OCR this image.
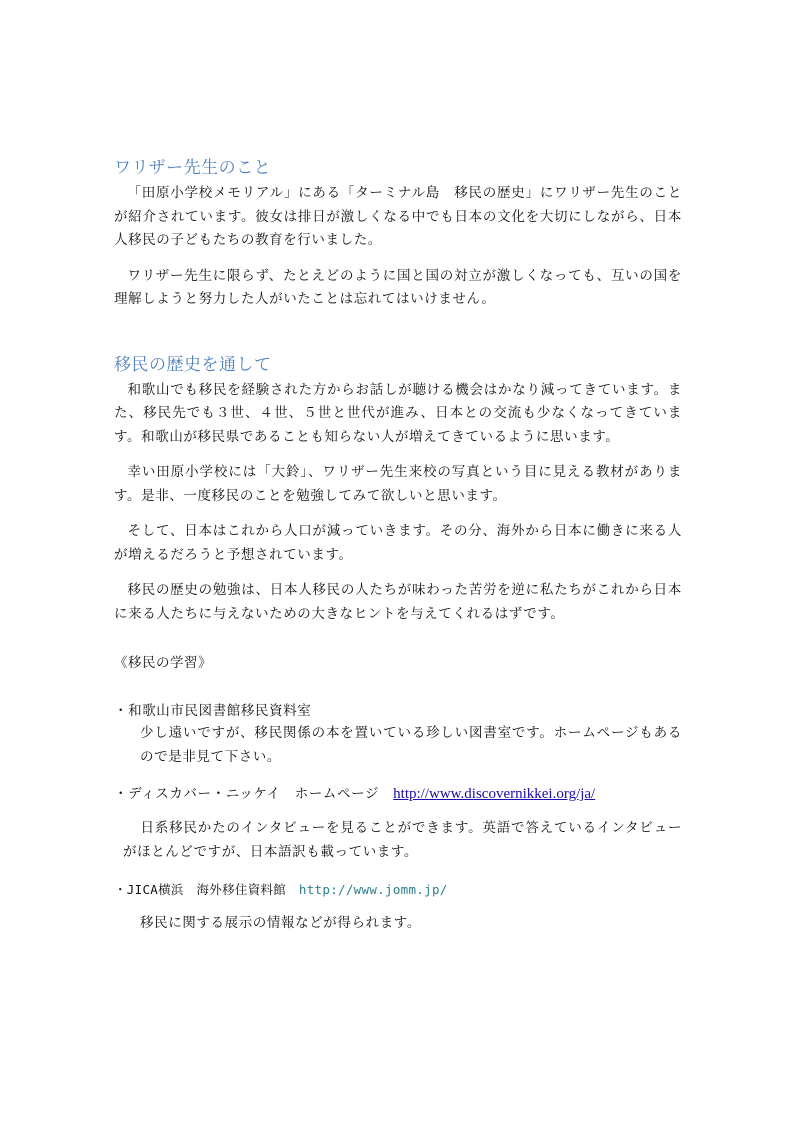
ワリザー先生のこと

「田原小学校メモリアル」にある「ターミナル島　移民の歴史」にワリザー先生のことが紹介されています。彼女は排日が激しくなる中でも日本の文化を大切にしながら、日本人移民の子どもたちの教育を行いました。

ワリザー先生に限らず、たとえどのように国と国の対立が激しくなっても、互いの国を理解しようと努力した人がいたことは忘れてはいけません。

移民の歴史を通して

和歌山でも移民を経験された方からお話しが聴ける機会はかなり減ってきています。また、移民先でも３世、４世、５世と世代が進み、日本との交流も少なくなってきています。和歌山が移民県であることも知らない人が増えてきているように思います。

幸い田原小学校には「大鈴」、ワリザー先生来校の写真という目に見える教材があります。是非、一度移民のことを勉強してみて欲しいと思います。

そして、日本はこれから人口が減っていきます。その分、海外から日本に働きに来る人が増えるだろうと予想されています。

移民の歴史の勉強は、日本人移民の人たちが味わった苦労を逆に私たちがこれから日本に来る人たちに与えないための大きなヒントを与えてくれるはずです。

《移民の学習》

・和歌山市民図書館移民資料室

少し遠いですが、移民関係の本を置いている珍しい図書室です。ホームページもあるので是非見て下さい。

・ディスカバー・ニッケイ　ホームページ　http://www.discovernikkei.org/ja/

日系移民かたのインタビューを見ることができます。英語で答えているインタビューがほとんどですが、日本語訳も載っています。

・JICA横浜　海外移住資料館　http://www.jomm.jp/

移民に関する展示の情報などが得られます。
